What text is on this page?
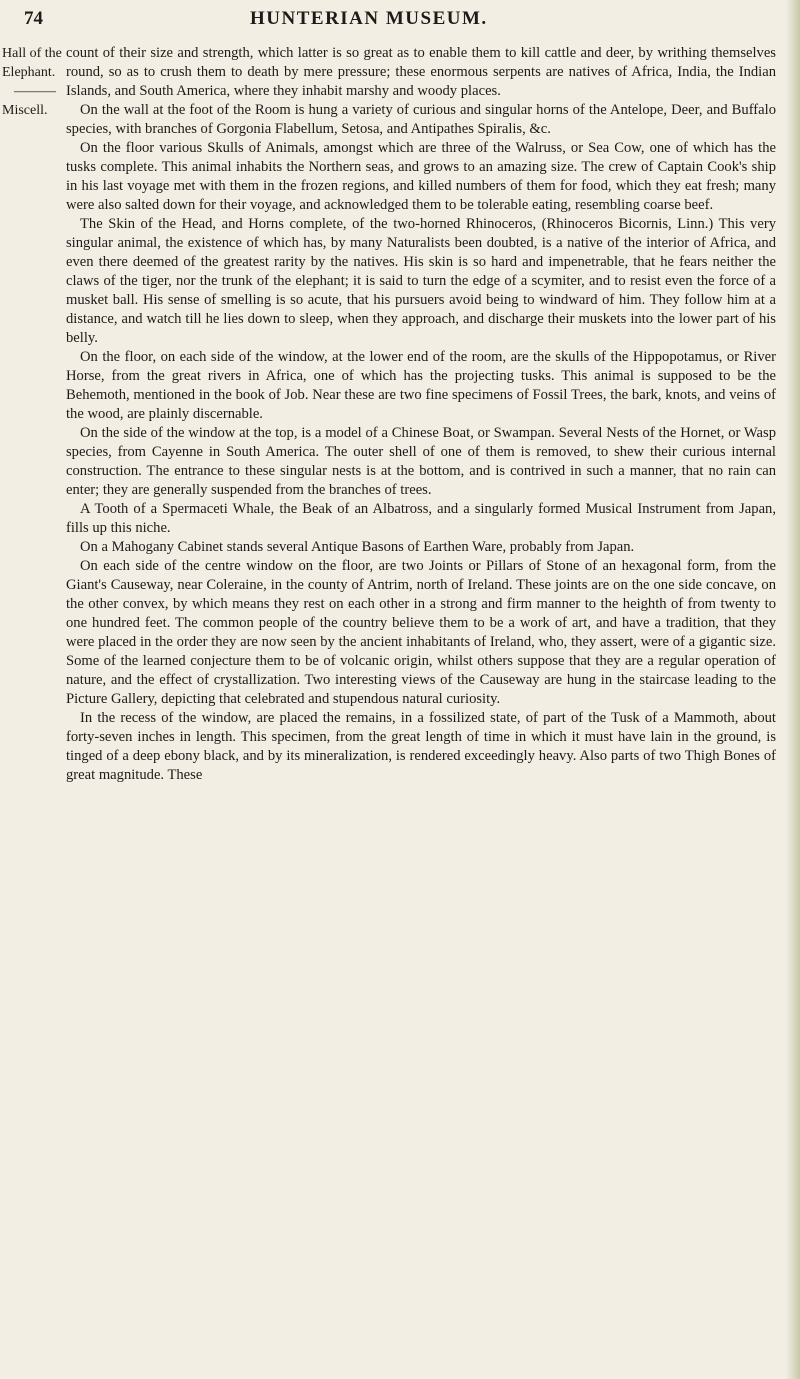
74	HUNTERIAN MUSEUM.
Hall of the
Elephant.
———
Miscell.

count of their size and strength, which latter is so great as to enable them to kill cattle and deer, by writhing themselves round, so as to crush them to death by mere pressure; these enormous serpents are natives of Africa, India, the Indian Islands, and South America, where they inhabit marshy and woody places.

On the wall at the foot of the Room is hung a variety of curious and singular horns of the Antelope, Deer, and Buffalo species, with branches of Gorgonia Flabellum, Setosa, and Antipathes Spiralis, &c.

On the floor various Skulls of Animals, amongst which are three of the Walruss, or Sea Cow, one of which has the tusks complete. This animal inhabits the Northern seas, and grows to an amazing size. The crew of Captain Cook's ship in his last voyage met with them in the frozen regions, and killed numbers of them for food, which they eat fresh; many were also salted down for their voyage, and acknowledged them to be tolerable eating, resembling coarse beef.

The Skin of the Head, and Horns complete, of the two-horned Rhinoceros, (Rhinoceros Bicornis, Linn.) This very singular animal, the existence of which has, by many Naturalists been doubted, is a native of the interior of Africa, and even there deemed of the greatest rarity by the natives. His skin is so hard and impenetrable, that he fears neither the claws of the tiger, nor the trunk of the elephant; it is said to turn the edge of a scymiter, and to resist even the force of a musket ball. His sense of smelling is so acute, that his pursuers avoid being to windward of him. They follow him at a distance, and watch till he lies down to sleep, when they approach, and discharge their muskets into the lower part of his belly.

On the floor, on each side of the window, at the lower end of the room, are the skulls of the Hippopotamus, or River Horse, from the great rivers in Africa, one of which has the projecting tusks. This animal is supposed to be the Behemoth, mentioned in the book of Job. Near these are two fine specimens of Fossil Trees, the bark, knots, and veins of the wood, are plainly discernable.

On the side of the window at the top, is a model of a Chinese Boat, or Swampan. Several Nests of the Hornet, or Wasp species, from Cayenne in South America. The outer shell of one of them is removed, to shew their curious internal construction. The entrance to these singular nests is at the bottom, and is contrived in such a manner, that no rain can enter; they are generally suspended from the branches of trees.

A Tooth of a Spermaceti Whale, the Beak of an Albatross, and a singularly formed Musical Instrument from Japan, fills up this niche.

On a Mahogany Cabinet stands several Antique Basons of Earthen Ware, probably from Japan.

On each side of the centre window on the floor, are two Joints or Pillars of Stone of an hexagonal form, from the Giant's Causeway, near Coleraine, in the county of Antrim, north of Ireland. These joints are on the one side concave, on the other convex, by which means they rest on each other in a strong and firm manner to the heighth of from twenty to one hundred feet. The common people of the country believe them to be a work of art, and have a tradition, that they were placed in the order they are now seen by the ancient inhabitants of Ireland, who, they assert, were of a gigantic size. Some of the learned conjecture them to be of volcanic origin, whilst others suppose that they are a regular operation of nature, and the effect of crystallization. Two interesting views of the Causeway are hung in the staircase leading to the Picture Gallery, depicting that celebrated and stupendous natural curiosity.

In the recess of the window, are placed the remains, in a fossilized state, of part of the Tusk of a Mammoth, about forty-seven inches in length. This specimen, from the great length of time in which it must have lain in the ground, is tinged of a deep ebony black, and by its mineralization, is rendered exceedingly heavy. Also parts of two Thigh Bones of great magnitude. These
